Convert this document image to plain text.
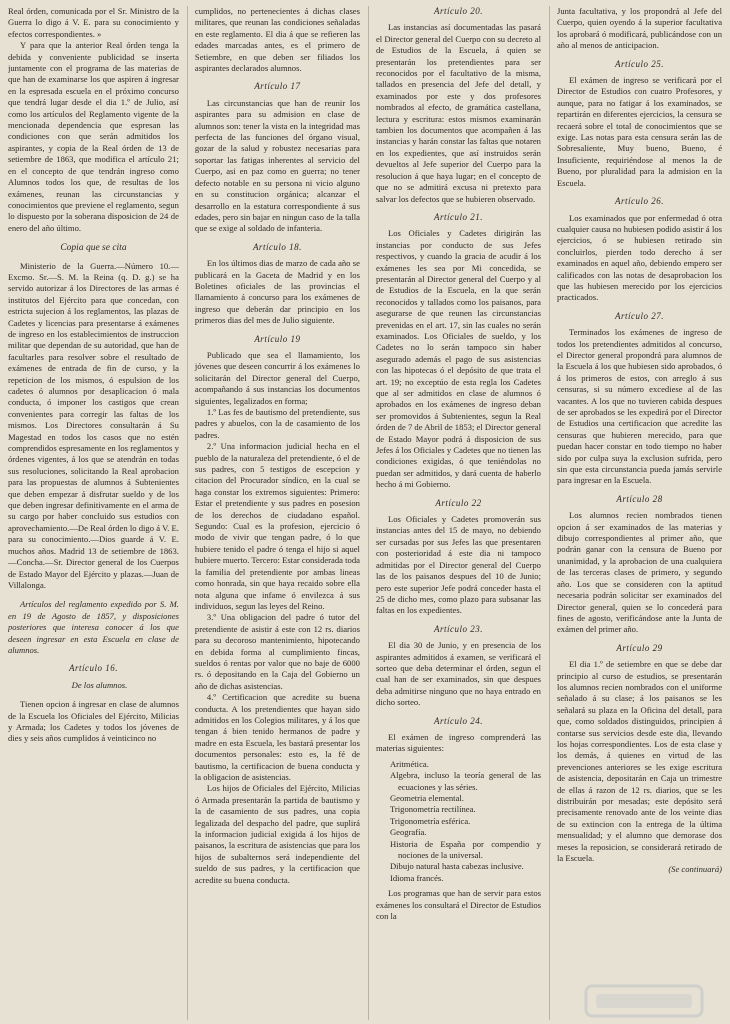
Real órden, comunicada por el Sr. Ministro de la Guerra lo digo á V. E. para su conocimiento y efectos correspondientes. »

Y para que la anterior Real órden tenga la debida y conveniente publicidad se inserta juntamente con el programa de las materias de que han de examinarse los que aspiren á ingresar en la espresada escuela en el próximo concurso que tendrá lugar desde el dia 1.º de Julio, así como los artículos del Reglamento vigente de la mencionada dependencia que espresan las condiciones con que serán admitidos los aspirantes, y copia de la Real órden de 13 de setiembre de 1863, que modifica el artículo 21; en el concepto de que tendrán ingreso como Alumnos todos los que, de resultas de los exámenes, reunan las circunstancias y conocimientos que previene el reglamento, segun lo dispuesto por la soberana disposicion de 24 de enero del año último.

Copia que se cita

Ministerio de la Guerra.—Número 10.—Excmo. Sr.—S. M. la Reina (q. D. g.) se ha servido autorizar á los Directores de las armas é institutos del Ejército para que concedan, con estricta sujecion á los reglamentos, las plazas de Cadetes y licencias para presentarse á exámenes de ingreso en los establecimientos de instruccion militar que dependan de su autoridad, que han de facultarles para resolver sobre el resultado de exámenes de entrada de fin de curso, y la repeticion de los mismos, ó espulsion de los cadetes ó alumnos por desaplicacion ó mala conducta, ó imponer los castigos que crean convenientes para corregir las faltas de los mismos. Los Directores consultarán á Su Magestad en todos los casos que no estén comprendidos espresamente en los reglamentos y órdenes vigentes, á los que se atendrán en todas sus resoluciones, solicitando la Real aprobacion para las propuestas de alumnos á Subtenientes que deben empezar á disfrutar sueldo y de los que deben ingresar definitivamente en el arma de su cargo por haber concluido sus estudios con aprovechamiento.—De Real órden lo digo á V. E. para su conocimiento.—Dios guarde á V. E. muchos años. Madrid 13 de setiembre de 1863.—Concha.—Sr. Director general de los Cuerpos de Estado Mayor del Ejército y plazas.—Juan de Villalonga.

Artículos del reglamento expedido por S. M. en 19 de Agosto de 1857, y disposiciones posteriores que interesa conocer á los que deseen ingresar en esta Escuela en clase de alumnos.

Artículo 16.

De los alumnos.

Tienen opcion á ingresar en clase de alumnos de la Escuela los Oficiales del Ejército, Milicias y Armada; los Cadetes y todos los jóvenes de dies y seis años cumplidos á veinticinco no

cumplidos, no pertenecientes á dichas clases militares, que reunan las condiciones señaladas en este reglamento. El dia á que se refieren las edades marcadas antes, es el primero de Setiembre, en que deben ser filiados los aspirantes declarados alumnos.

Artículo 17

Las circunstancias que han de reunir los aspirantes para su admision en clase de alumnos son: tener la vista en la integridad mas perfecta de las funciones del órgano visual, gozar de la salud y robustez necesarias para soportar las fatigas inherentes al servicio del Cuerpo, asi en paz como en guerra; no tener defecto notable en su persona ni vicio alguno en su constitucion orgánica; alcanzar el desarrollo en la estatura correspondiente á sus edades, pero sin bajar en ningun caso de la talla que se exige al soldado de infanteria.

Artículo 18.

En los últimos dias de marzo de cada año se publicará en la Gaceta de Madrid y en los Boletines oficiales de las provincias el llamamiento á concurso para los exámenes de ingreso que deberán dar principio en los primeros dias del mes de Julio siguiente.

Artículo 19

Publicado que sea el llamamiento, los jóvenes que deseen concurrir á los exámenes lo solicitarán del Director general del Cuerpo, acompañando á sus instancias los documentos siguientes, legalizados en forma;

1.º Las fes de bautismo del pretendiente, sus padres y abuelos, con la de casamiento de los padres.

2.º Una informacion judicial hecha en el pueblo de la naturaleza del pretendiente, ó el de sus padres, con 5 testigos de escepcion y citacion del Procurador síndico, en la cual se haga constar los extremos siguientes: Primero: Estar el pretendiente y sus padres en posesion de los derechos de ciudadano español. Segundo: Cual es la profesion, ejercicio ó modo de vivir que tengan padre, ó lo que hubiere tenido el padre ó tenga el hijo si aquel hubiere muerto. Tercero: Estar considerada toda la familia del pretendiente por ambas lineas como honrada, sin que haya recaido sobre ella nota alguna que infame ó envilezca á sus individuos, segun las leyes del Reino.

3.º Una obligacion del padre ó tutor del pretendiente de asistir á este con 12 rs. diarios para su decoroso mantenimiento, hipotecando en debida forma al cumplimiento fincas, sueldos ó rentas por valor que no baje de 6000 rs. ó depositando en la Caja del Gobierno un año de dichas asistencias.

4.º Certificacion que acredite su buena conducta. A los pretendientes que hayan sido admitidos en los Colegios militares, y á los que tengan á bien tenido hermanos de padre y madre en esta Escuela, les bastará presentar los documentos personales: esto es, la fé de bautismo, la certificacion de buena conducta y la obligacion de asistencias.

Los hijos de Oficiales del Ejército, Milicias ó Armada presentarán la partida de bautismo y la de casamiento de sus padres, una copia legalizada del despacho del padre, que suplirá la informacion judicial exigida á los hijos de paisanos, la escritura de asistencias que para los hijos de subalternos será independiente del sueldo de sus padres, y la certificacion que acredite su buena conducta.

Artículo 20.

Las instancias así documentadas las pasará el Director general del Cuerpo con su decreto al de Estudios de la Escuela, á quien se presentarán los pretendientes para ser reconocidos por el facultativo de la misma, tallados en presencia del Jefe del detall, y examinados por este y dos profesores nombrados al efecto, de gramática castellana, lectura y escritura: estos mismos examinarán tambien los documentos que acompañen á las instancias y harán constar las faltas que notaren en los expedientes, que así instruidos serán devueltos al Jefe superior del Cuerpo para la resolucion á que haya lugar; en el concepto de que no se admitirá excusa ni pretexto para salvar los defectos que se hubieren observado.

Artículo 21.

Los Oficiales y Cadetes dirigirán las instancias por conducto de sus Jefes respectivos, y cuando la gracia de acudir á los exámenes les sea por Mi concedida, se presentarán al Director general del Cuerpo y al de Estudios de la Escuela, en la que serán reconocidos y tallados como los paisanos, para asegurarse de que reunen las circunstancias prevenidas en el art. 17, sin las cuales no serán examinados. Los Oficiales de sueldo, y los Cadetes no lo serán tampoco sin haber asegurado además el pago de sus asistencias con las hipotecas ó el depósito de que trata el art. 19; no exceptúo de esta regla los Cadetes que al ser admitidos en clase de alumnos ó aprobados en los exámenes de ingreso deban ser promovidos á Subtenientes, segun la Real órden de 7 de Abril de 1853; el Director general de Estado Mayor podrá á disposicion de sus Jefes á los Oficiales y Cadetes que no tienen las condiciones exigidas, ó que teniéndolas no puedan ser admitidos, y dará cuenta de haberlo hecho á mi Gobierno.

Artículo 22

Los Oficiales y Cadetes promoverán sus instancias antes del 15 de mayo, no debiendo ser cursadas por sus Jefes las que presentaren con posterioridad á este dia ni tampoco admitidas por el Director general del Cuerpo las de los paisanos despues del 10 de Junio; pero este superior Jefe podrá conceder hasta el 25 de dicho mes, como plazo para subsanar las faltas en los expedientes.

Artículo 23.

El dia 30 de Junio, y en presencia de los aspirantes admitidos á examen, se verificará el sorteo que deba determinar el órden, segun el cual han de ser examinados, sin que despues deba admitirse ninguno que no haya entrado en dicho sorteo.

Artículo 24.

El exámen de ingreso comprenderá las materias siguientes:

Aritmética.
Algebra, incluso la teoría general de las ecuaciones y las séries.
Geometria elemental.
Trigonometría rectilínea.
Trigonometría esférica.
Geografía.
Historia de España por compendio y nociones de la universal.
Dibujo natural hasta cabezas inclusive.
Idioma francés.

Los programas que han de servir para estos exámenes los consultará el Director de Estudios con la

Junta facultativa, y los propondrá al Jefe del Cuerpo, quien oyendo á la superior facultativa los aprobará ó modificará, publicándose con un año al menos de anticipacion.

Artículo 25.

El exámen de ingreso se verificará por el Director de Estudios con cuatro Profesores, y aunque, para no fatigar á los examinados, se repartirán en diferentes ejercicios, la censura se recaerá sobre el total de conocimientos que se exige. Las notas para esta censura serán las de Sobresaliente, Muy bueno, Bueno, é Insuficiente, requiriéndose al menos la de Bueno, por pluralidad para la admision en la Escuela.

Artículo 26.

Los examinados que por enfermedad ó otra cualquier causa no hubiesen podido asistir á los ejercicios, ó se hubiesen retirado sin concluirlos, pierden todo derecho á ser examinados en aquel año, debiendo empero ser calificados con las notas de desaprobacion los que las hubiesen merecido por los ejercicios practicados.

Artículo 27.

Terminados los exámenes de ingreso de todos los pretendientes admitidos al concurso, el Director general propondrá para alumnos de la Escuela á los que hubiesen sido aprobados, ó á los primeros de estos, con arreglo á sus censuras, si su número excediese al de las vacantes. A los que no tuvieren cabida despues de ser aprobados se les expedirá por el Director de Estudios una certificacion que acredite las censuras que hubieren merecido, para que puedan hacer constar en todo tiempo no haber sido por culpa suya la exclusion sufrida, pero sin que esta circunstancia pueda jamás servirle para ingresar en la Escuela.

Artículo 28

Los alumnos recien nombrados tienen opcion á ser examinados de las materias y dibujo correspondientes al primer año, que podrán ganar con la censura de Bueno por unanimidad, y la aprobacion de una cualquiera de las terceras clases de primero, y segundo año. Los que se consideren con la aptitud necesaria podrán solicitar ser examinados del Director general, quien se lo concederá para fines de agosto, verificándose ante la Junta de exámen del primer año.

Artículo 29

El dia 1.º de setiembre en que se debe dar principio al curso de estudios, se presentarán los alumnos recien nombrados con el uniforme señalado á su clase; á los paisanos se les señalará su plaza en la Oficina del detall, para que, como soldados distinguidos, principien á contarse sus servicios desde este dia, llevando los hojas correspondientes. Los de esta clase y los demás, á quienes en virtud de las prevenciones anteriores se les exige escritura de asistencia, depositarán en Caja un trimestre de ellas á razon de 12 rs. diarios, que se les distribuirán por mesadas; este depósito será precisamente renovado ante de los veinte dias de su extincion con la entrega de la última mensualidad; y el alumno que demorase dos meses la reposicion, se considerará retirado de la Escuela.

(Se continuará)
